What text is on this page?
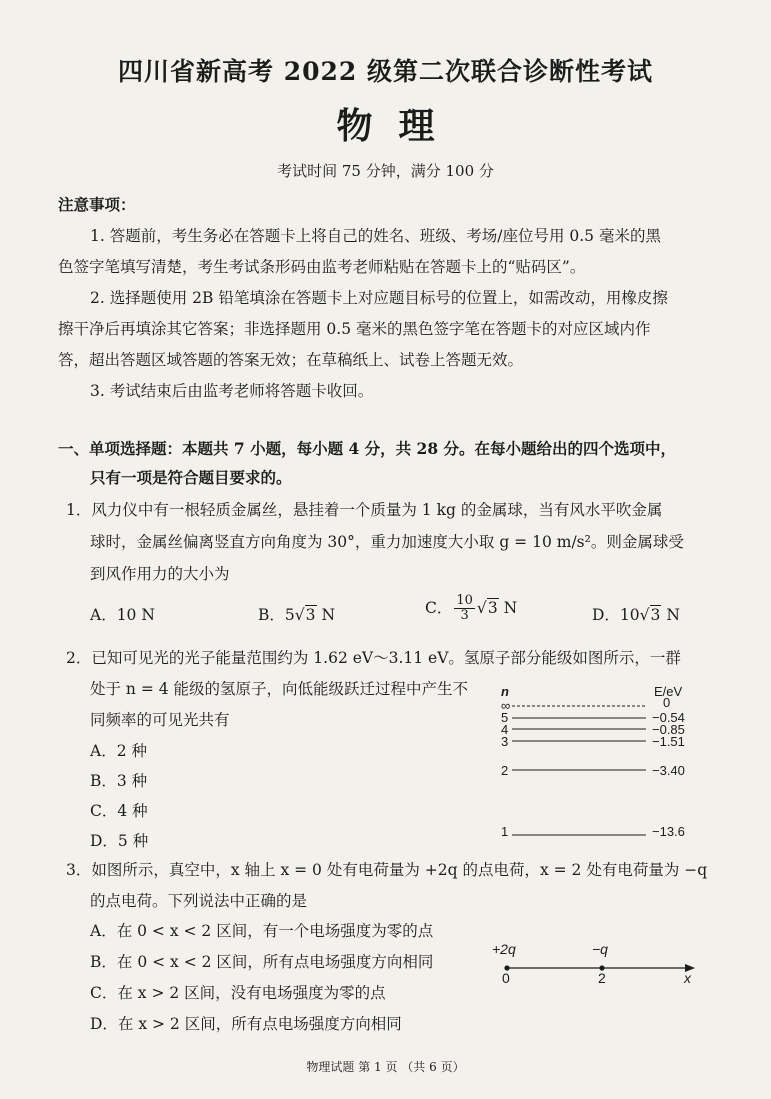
四川省新高考 2022 级第二次联合诊断性考试
物理
考试时间 75 分钟，满分 100 分
注意事项：
1. 答题前，考生务必在答题卡上将自己的姓名、班级、考场/座位号用 0.5 毫米的黑
色签字笔填写清楚，考生考试条形码由监考老师粘贴在答题卡上的“贴码区”。
2. 选择题使用 2B 铅笔填涂在答题卡上对应题目标号的位置上，如需改动，用橡皮擦
擦干净后再填涂其它答案；非选择题用 0.5 毫米的黑色签字笔在答题卡的对应区域内作
答，超出答题区域答题的答案无效；在草稿纸上、试卷上答题无效。
3. 考试结束后由监考老师将答题卡收回。
一、单项选择题：本题共 7 小题，每小题 4 分，共 28 分。在每小题给出的四个选项中，
只有一项是符合题目要求的。
1．风力仪中有一根轻质金属丝，悬挂着一个质量为 1 kg 的金属球，当有风水平吹金属
球时，金属丝偏离竖直方向角度为 30°，重力加速度大小取 g = 10 m/s²。则金属球受
到风作用力的大小为
A．10 N	B．5√3 N	C． $\frac{10}{3} √3$ N	D．10√3 N
2．已知可见光的光子能量范围约为 1.62 eV～3.11 eV。氢原子部分能级如图所示，一群
处于 n = 4 能级的氢原子，向低能级跃迁过程中产生不
同频率的可见光共有
A．2 种
B．3 种
C．4 种
D．5 种
n	E/eV
∞	0
5	−0.54
4	−0.85
3	−1.51
2	−3.40
1	−13.6
3．如图所示，真空中，x 轴上 x = 0 处有电荷量为 +2q 的点电荷，x = 2 处有电荷量为 −q
的点电荷。下列说法中正确的是
A．在 0 < x < 2 区间，有一个电场强度为零的点
B．在 0 < x < 2 区间，所有点电场强度方向相同
C．在 x > 2 区间，没有电场强度为零的点
D．在 x > 2 区间，所有点电场强度方向相同
+2q	−q
0	2	x
物理试题 第 1 页 （共 6 页）
